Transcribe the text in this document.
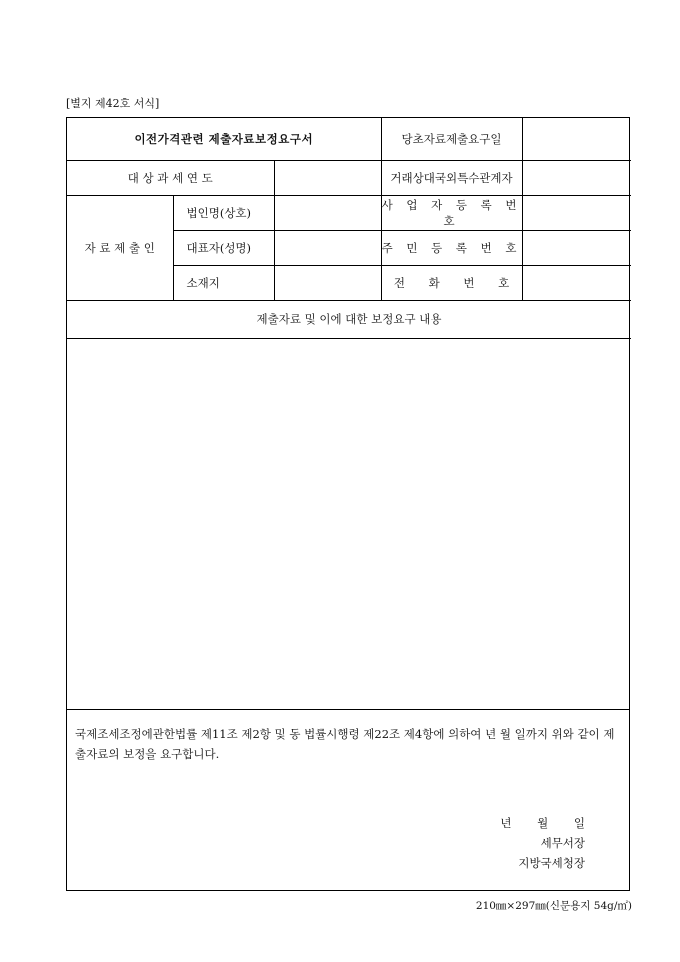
[별지 제42호 서식]
이전가격관련 제출자료보정요구서			당초자료제출요구일	
대 상 과 세 연 도			거래상대국외특수관계자	
자 료 제 출 인	법인명(상호)		사 업 자 등 록 번 호	
	대표자(성명)		주 민 등 록 번 호	
	소재지		전 화 번 호	
제출자료 및 이에 대한 보정요구 내용				
국제조세조정에관한법률 제11조 제2항 및 동 법률시행령 제22조 제4항에 의하여 년 월 일까지 위와 같이 제출자료의 보정을 요구합니다.
년 월 일
세무서장
지방국세청장
210㎜×297㎜(신문용지 54g/㎡)
